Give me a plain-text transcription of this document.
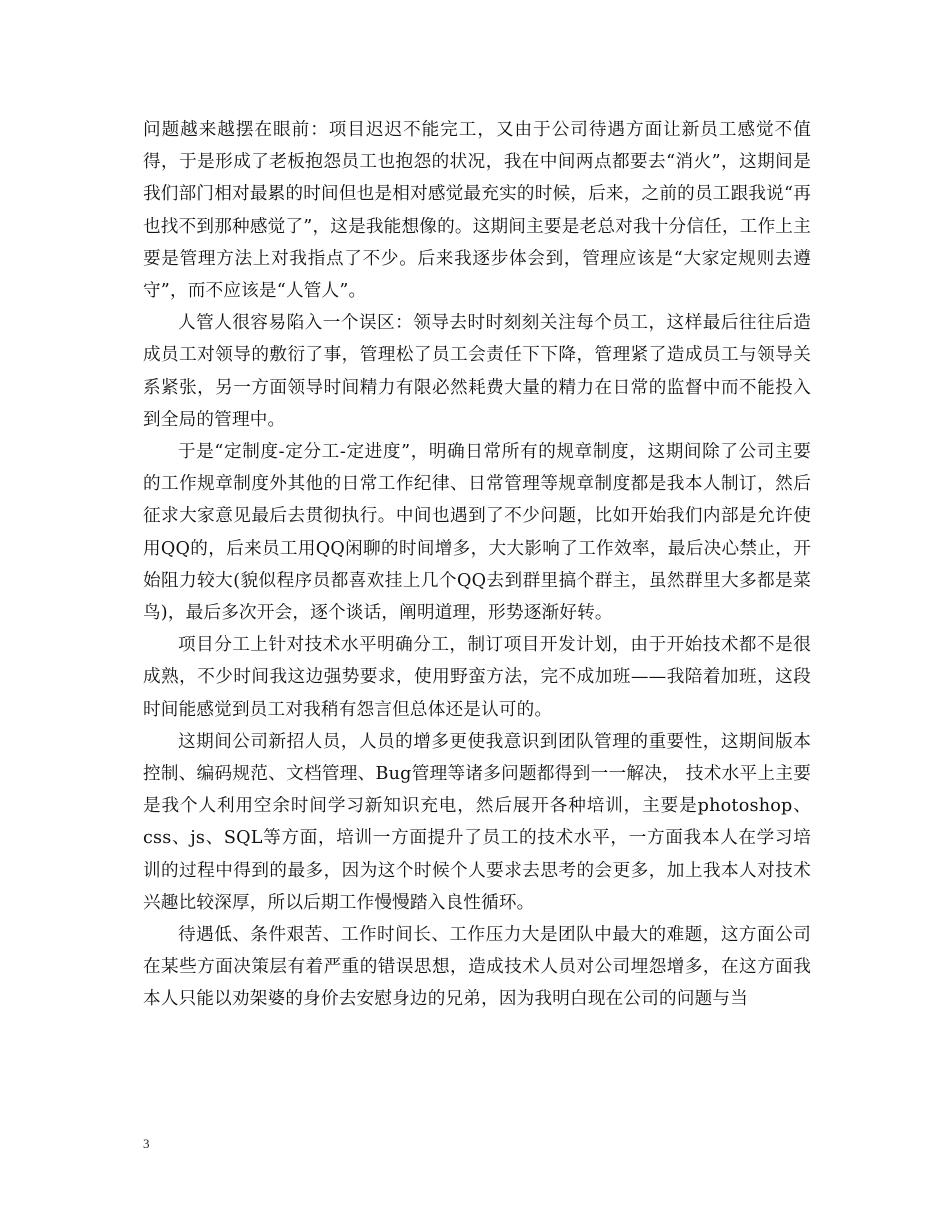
问题越来越摆在眼前：项目迟迟不能完工，又由于公司待遇方面让新员工感觉不值得，于是形成了老板抱怨员工也抱怨的状况，我在中间两点都要去“消火”，这期间是我们部门相对最累的时间但也是相对感觉最充实的时候，后来，之前的员工跟我说“再也找不到那种感觉了”，这是我能想像的。这期间主要是老总对我十分信任，工作上主要是管理方法上对我指点了不少。后来我逐步体会到，管理应该是“大家定规则去遵守”，而不应该是“人管人”。

人管人很容易陷入一个误区：领导去时时刻刻关注每个员工，这样最后往往后造成员工对领导的敷衍了事，管理松了员工会责任下下降，管理紧了造成员工与领导关系紧张，另一方面领导时间精力有限必然耗费大量的精力在日常的监督中而不能投入到全局的管理中。

于是“定制度-定分工-定进度”，明确日常所有的规章制度，这期间除了公司主要的工作规章制度外其他的日常工作纪律、日常管理等规章制度都是我本人制订，然后征求大家意见最后去贯彻执行。中间也遇到了不少问题，比如开始我们内部是允许使用QQ的，后来员工用QQ闲聊的时间增多，大大影响了工作效率，最后决心禁止，开始阻力较大(貌似程序员都喜欢挂上几个QQ去到群里搞个群主，虽然群里大多都是菜鸟)，最后多次开会，逐个谈话，阐明道理，形势逐渐好转。

项目分工上针对技术水平明确分工，制订项目开发计划，由于开始技术都不是很成熟，不少时间我这边强势要求，使用野蛮方法，完不成加班——我陪着加班，这段时间能感觉到员工对我稍有怨言但总体还是认可的。

这期间公司新招人员，人员的增多更使我意识到团队管理的重要性，这期间版本控制、编码规范、文档管理、Bug管理等诸多问题都得到一一解决， 技术水平上主要是我个人利用空余时间学习新知识充电，然后展开各种培训，主要是photoshop、css、js、SQL等方面，培训一方面提升了员工的技术水平，一方面我本人在学习培训的过程中得到的最多，因为这个时候个人要求去思考的会更多，加上我本人对技术兴趣比较深厚，所以后期工作慢慢踏入良性循环。

待遇低、条件艰苦、工作时间长、工作压力大是团队中最大的难题，这方面公司在某些方面决策层有着严重的错误思想，造成技术人员对公司埋怨增多，在这方面我本人只能以劝架婆的身价去安慰身边的兄弟，因为我明白现在公司的问题与当

3
